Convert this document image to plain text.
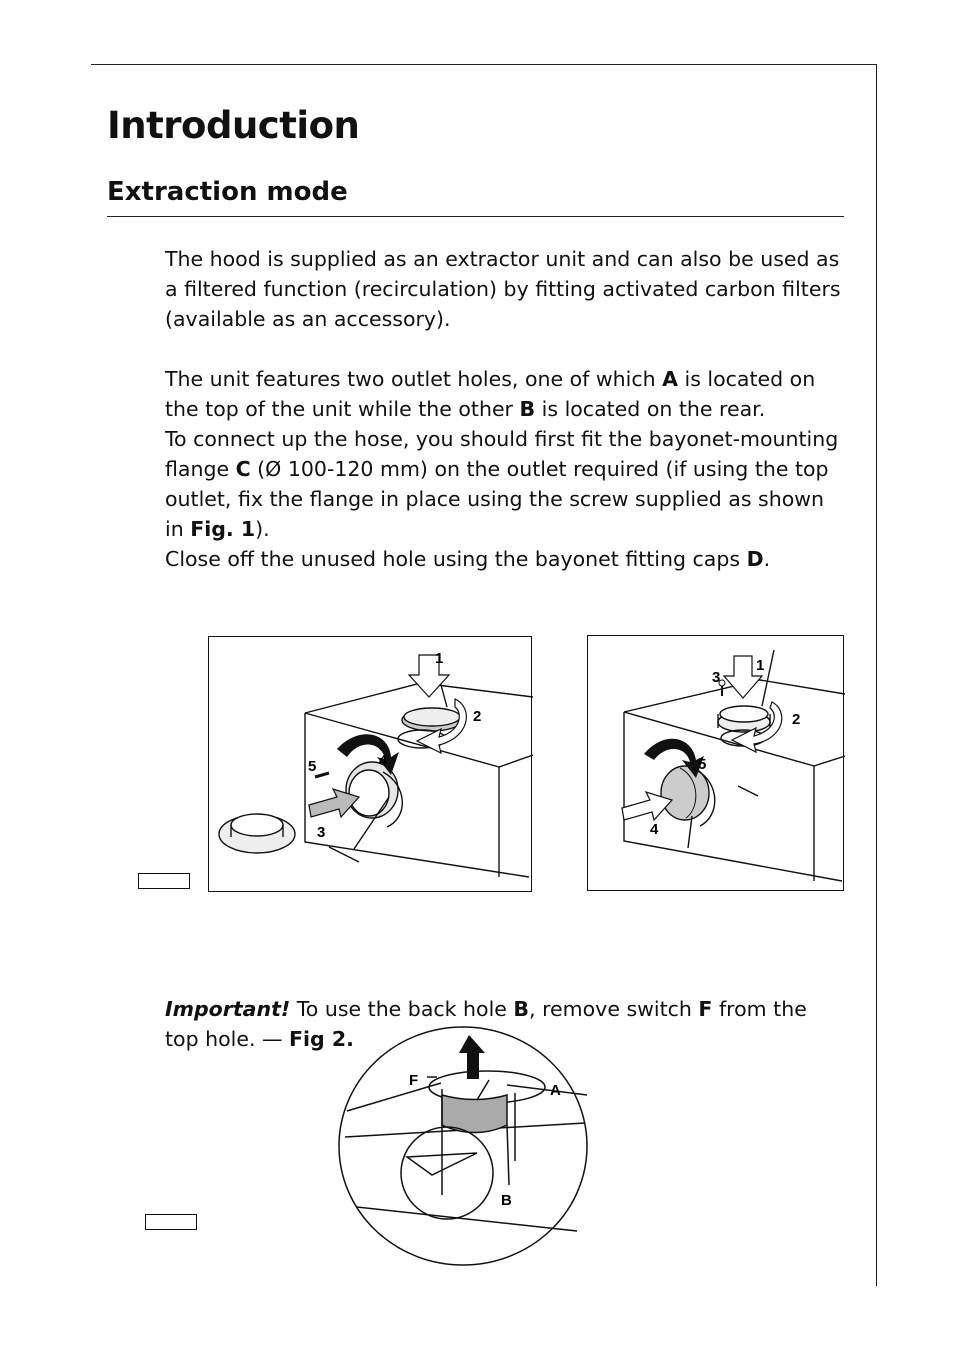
Introduction
Extraction mode

The hood is supplied as an extractor unit and can also be used as a filtered function (recirculation) by fitting activated carbon filters (available as an accessory).

The unit features two outlet holes, one of which A is located on the top of the unit while the other B is located on the rear.
To connect up the hose, you should first fit the bayonet-mounting flange C (Ø 100-120 mm) on the outlet required (if using the top outlet, fix the flange in place using the screw supplied as shown in Fig. 1).
Close off the unused hole using the bayonet fitting caps D.

1
2
3
4
5
1
2
3
4
5

Important! To use the back hole B, remove switch F from the top hole. — Fig 2.

F
A
B
